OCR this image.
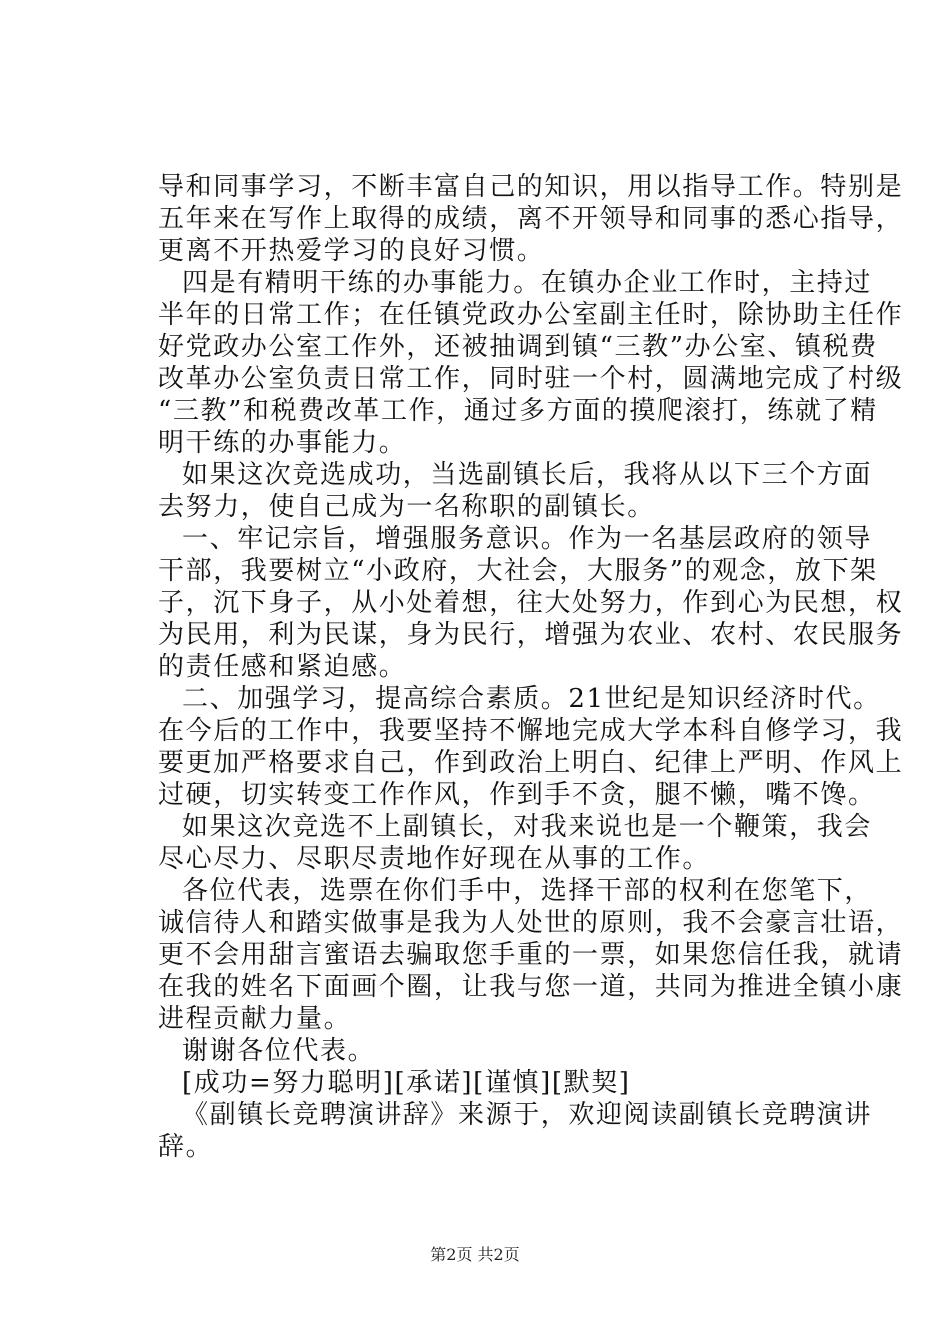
导和同事学习，不断丰富自己的知识，用以指导工作。特别是
五年来在写作上取得的成绩，离不开领导和同事的悉心指导，
更离不开热爱学习的良好习惯。
四是有精明干练的办事能力。在镇办企业工作时，主持过
半年的日常工作；在任镇党政办公室副主任时，除协助主任作
好党政办公室工作外，还被抽调到镇“三教”办公室、镇税费
改革办公室负责日常工作，同时驻一个村，圆满地完成了村级
“三教”和税费改革工作，通过多方面的摸爬滚打，练就了精
明干练的办事能力。
如果这次竞选成功，当选副镇长后，我将从以下三个方面
去努力，使自己成为一名称职的副镇长。
一、牢记宗旨，增强服务意识。作为一名基层政府的领导
干部，我要树立“小政府，大社会，大服务”的观念，放下架
子，沉下身子，从小处着想，往大处努力，作到心为民想，权
为民用，利为民谋，身为民行，增强为农业、农村、农民服务
的责任感和紧迫感。
二、加强学习，提高综合素质。21世纪是知识经济时代。
在今后的工作中，我要坚持不懈地完成大学本科自修学习，我
要更加严格要求自己，作到政治上明白、纪律上严明、作风上
过硬，切实转变工作作风，作到手不贪，腿不懒，嘴不馋。
如果这次竞选不上副镇长，对我来说也是一个鞭策，我会
尽心尽力、尽职尽责地作好现在从事的工作。
各位代表，选票在你们手中，选择干部的权利在您笔下，
诚信待人和踏实做事是我为人处世的原则，我不会豪言壮语，
更不会用甜言蜜语去骗取您手重的一票，如果您信任我，就请
在我的姓名下面画个圈，让我与您一道，共同为推进全镇小康
进程贡献力量。
谢谢各位代表。
[成功=努力聪明][承诺][谨慎][默契]
《副镇长竞聘演讲辞》来源于，欢迎阅读副镇长竞聘演讲
辞。
第2页 共2页
